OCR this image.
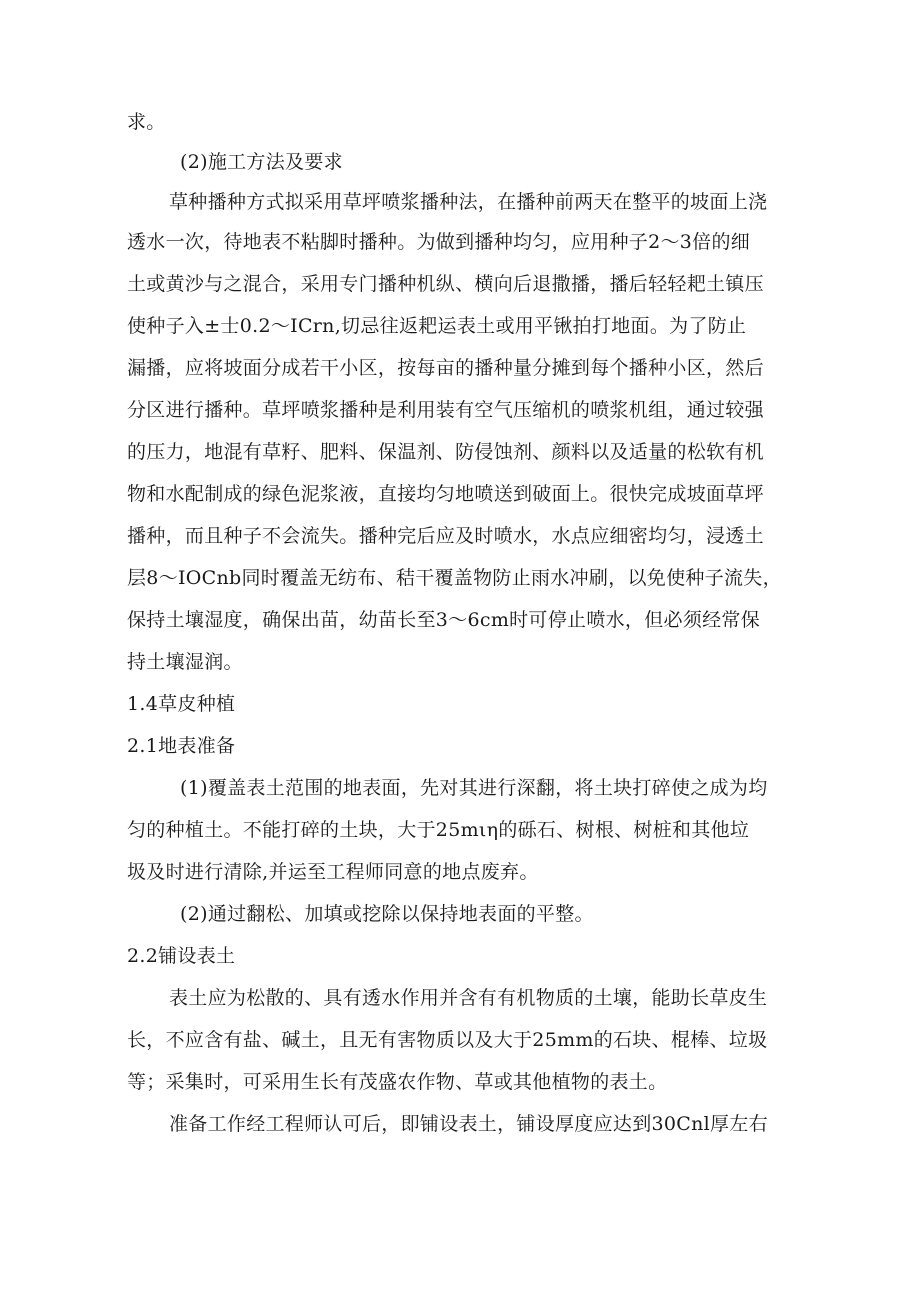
求。
(2)施工方法及要求
草种播种方式拟采用草坪喷浆播种法，在播种前两天在整平的坡面上浇
透水一次，待地表不粘脚时播种。为做到播种均匀，应用种子2～3倍的细
土或黄沙与之混合，采用专门播种机纵、横向后退撒播，播后轻轻耙土镇压
使种子入±士0.2～ICrn,切忌往返耙运表土或用平锹拍打地面。为了防止
漏播，应将坡面分成若干小区，按每亩的播种量分摊到每个播种小区，然后
分区进行播种。草坪喷浆播种是利用装有空气压缩机的喷浆机组，通过较强
的压力，地混有草籽、肥料、保温剂、防侵蚀剂、颜料以及适量的松软有机
物和水配制成的绿色泥浆液，直接均匀地喷送到破面上。很快完成坡面草坪
播种，而且种子不会流失。播种完后应及时喷水，水点应细密均匀，浸透土
层8～IOCnb同时覆盖无纺布、秸干覆盖物防止雨水冲刷，以免使种子流失，
保持土壤湿度，确保出苗，幼苗长至3～6cm时可停止喷水，但必须经常保
持土壤湿润。
1.4草皮种植
2.1地表准备
(1)覆盖表土范围的地表面，先对其进行深翻，将土块打碎使之成为均
匀的种植土。不能打碎的土块，大于25mιη的砾石、树根、树桩和其他垃
圾及时进行清除,并运至工程师同意的地点废弃。
(2)通过翻松、加填或挖除以保持地表面的平整。
2.2铺设表土
表土应为松散的、具有透水作用并含有有机物质的土壤，能助长草皮生
长，不应含有盐、碱土，且无有害物质以及大于25mm的石块、棍棒、垃圾
等；采集时，可采用生长有茂盛农作物、草或其他植物的表土。
准备工作经工程师认可后，即铺设表土，铺设厚度应达到30Cnl厚左右
